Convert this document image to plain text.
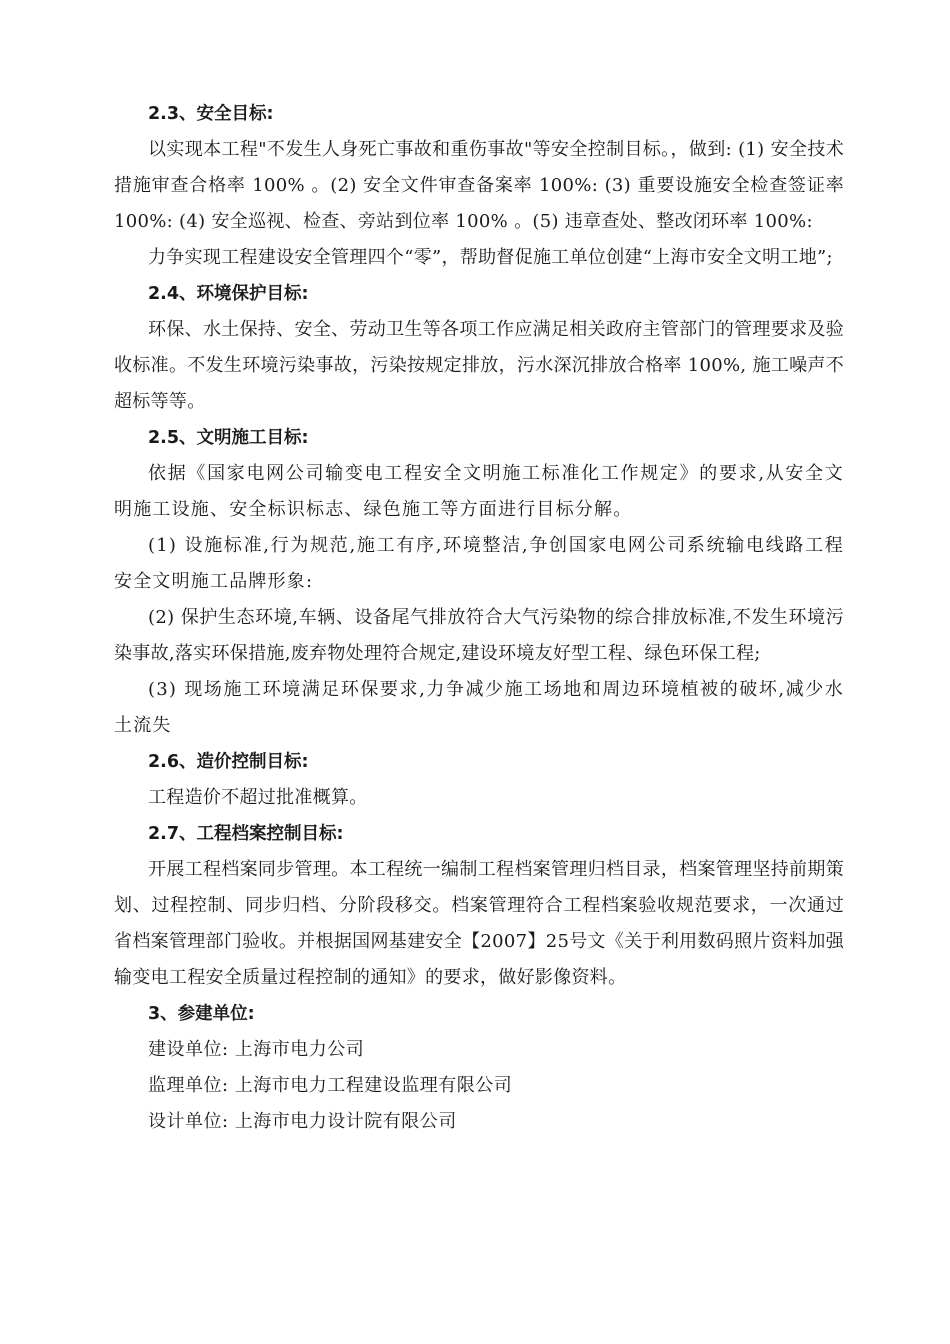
2.3、安全目标:
以实现本工程"不发生人身死亡事故和重伤事故"等安全控制目标。，做到: (1) 安全技术措施审查合格率 100% 。(2) 安全文件审查备案率 100%: (3) 重要设施安全检查签证率 100%: (4) 安全巡视、检查、旁站到位率 100% 。(5) 违章查处、整改闭环率 100%:
力争实现工程建设安全管理四个“零”，帮助督促施工单位创建“上海市安全文明工地”;
2.4、环境保护目标:
环保、水土保持、安全、劳动卫生等各项工作应满足相关政府主管部门的管理要求及验收标准。不发生环境污染事故，污染按规定排放，污水深沉排放合格率 100%, 施工噪声不超标等等。
2.5、文明施工目标:
依据《国家电网公司输变电工程安全文明施工标准化工作规定》的要求,从安全文明施工设施、安全标识标志、绿色施工等方面进行目标分解。
(1) 设施标准,行为规范,施工有序,环境整洁,争创国家电网公司系统输电线路工程安全文明施工品牌形象:
(2) 保护生态环境,车辆、设备尾气排放符合大气污染物的综合排放标准,不发生环境污染事故,落实环保措施,废弃物处理符合规定,建设环境友好型工程、绿色环保工程;
(3) 现场施工环境满足环保要求,力争减少施工场地和周边环境植被的破坏,减少水土流失
2.6、造价控制目标:
工程造价不超过批准概算。
2.7、工程档案控制目标:
开展工程档案同步管理。本工程统一编制工程档案管理归档目录，档案管理坚持前期策划、过程控制、同步归档、分阶段移交。档案管理符合工程档案验收规范要求，一次通过省档案管理部门验收。并根据国网基建安全【2007】25号文《关于利用数码照片资料加强输变电工程安全质量过程控制的通知》的要求，做好影像资料。
3、参建单位:
建设单位: 上海市电力公司
监理单位: 上海市电力工程建设监理有限公司
设计单位: 上海市电力设计院有限公司
